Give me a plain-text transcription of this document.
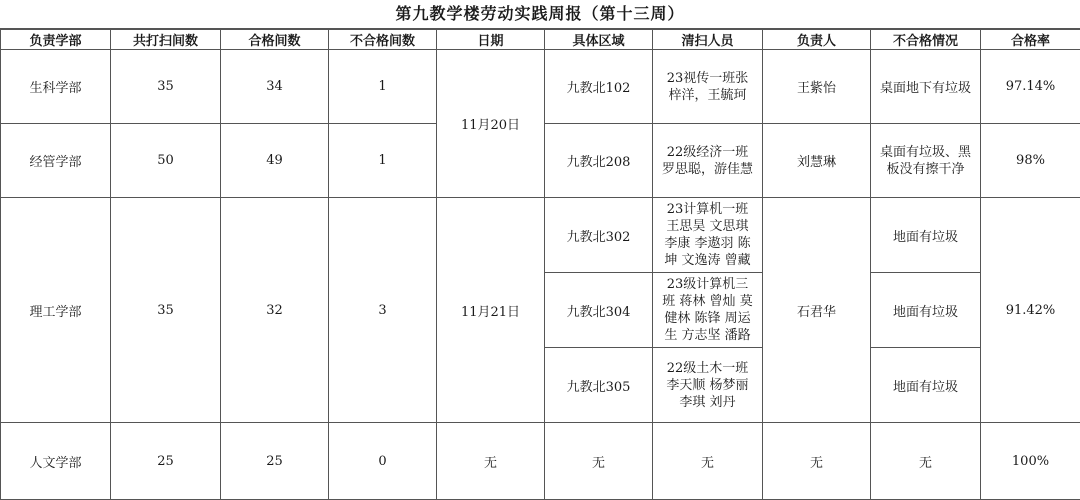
第九教学楼劳动实践周报（第十三周）
负责学部	共打扫间数	合格间数	不合格间数	日期	具体区域	清扫人员	负责人	不合格情况	合格率
生科学部	35	34	1	11月20日	九教北102	23视传一班张梓洋，王毓珂	王紫怡	桌面地下有垃圾	97.14%
经管学部	50	49	1		九教北208	22级经济一班罗思聪，游佳慧	刘慧琳	桌面有垃圾、黑板没有擦干净	98%
理工学部	35	32	3	11月21日	九教北302	23计算机一班 王思昊 文思琪 李康 李遨羽 陈坤 文逸涛 曾藏	石君华	地面有垃圾	91.42%
					九教北304	23级计算机三班 蒋林 曾灿 莫健林 陈锋 周运生 方志坚 潘路		地面有垃圾	
					九教北305	22级土木一班 李天顺 杨梦丽 李琪 刘丹		地面有垃圾	
人文学部	25	25	0	无	无	无	无	无	100%
